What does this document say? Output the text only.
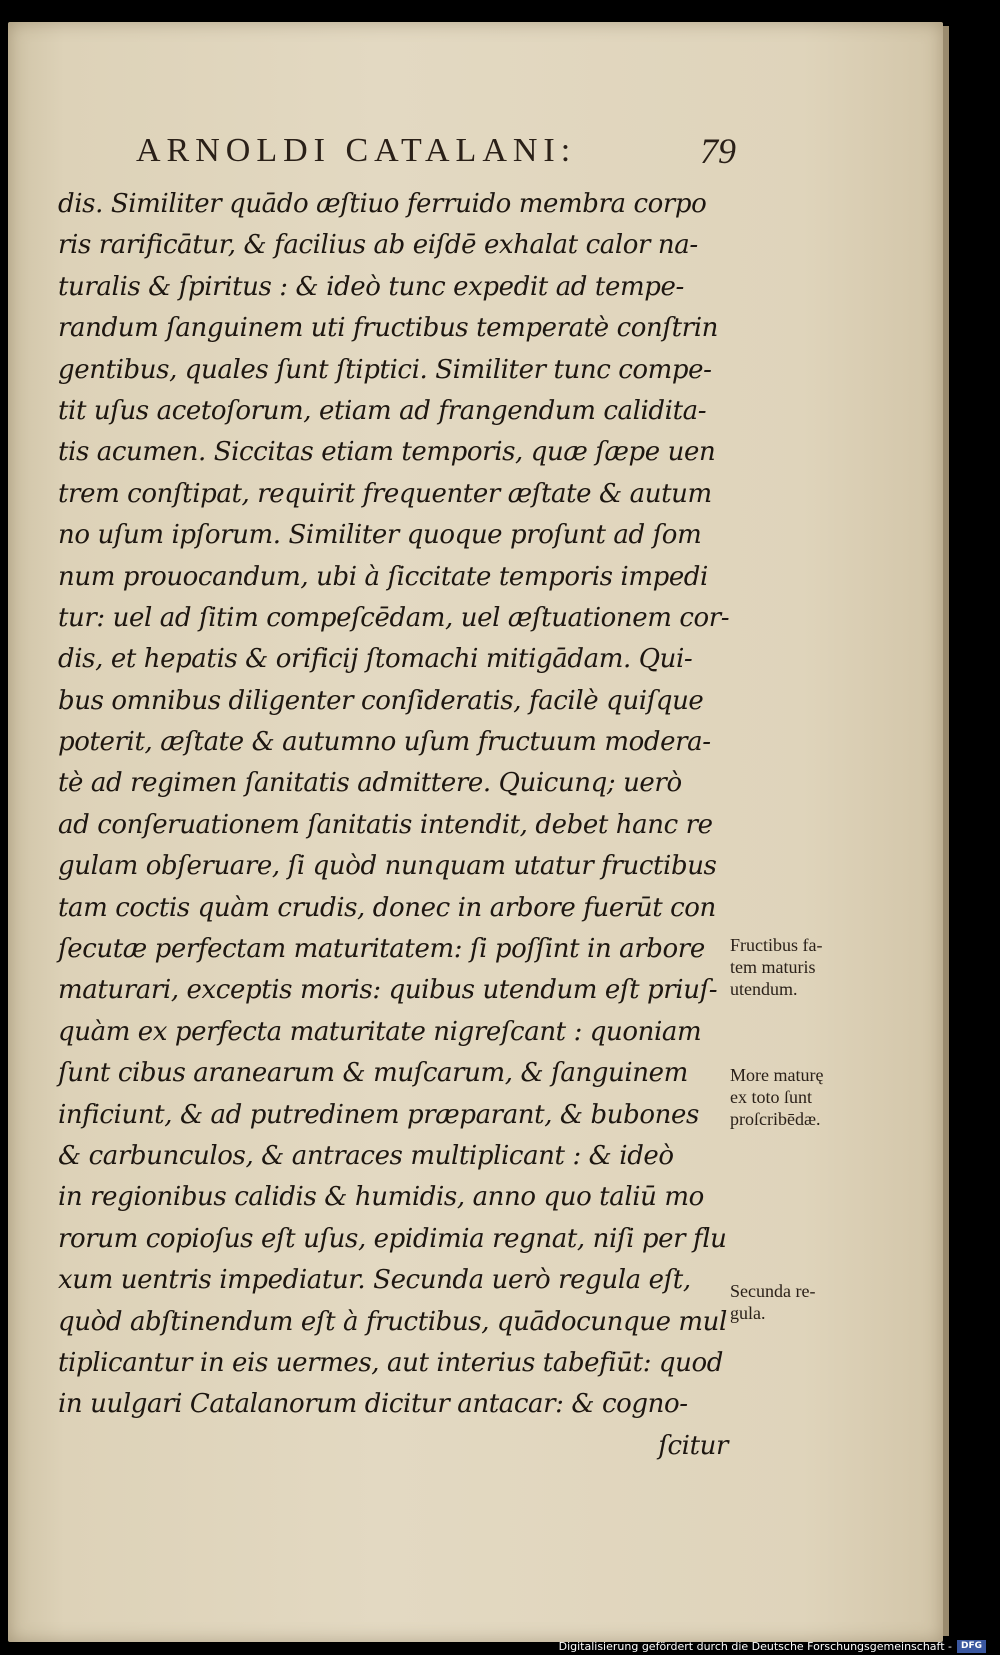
ARNOLDI CATALANI:	79
dis. Similiter quādo æſtiuo ferruido membra corpo
ris rarificātur, & facilius ab eiſdē exhalat calor na-
turalis & ſpiritus : & ideò tunc expedit ad tempe-
randum ſanguinem uti fructibus temperatè conſtrin
gentibus, quales ſunt ſtiptici. Similiter tunc compe-
tit uſus acetoſorum, etiam ad frangendum calidita-
tis acumen. Siccitas etiam temporis, quæ ſæpe uen
trem conſtipat, requirit frequenter æſtate & autum
no uſum ipſorum. Similiter quoque proſunt ad ſom
num prouocandum, ubi à ſiccitate temporis impedi
tur: uel ad ſitim compeſcēdam, uel æſtuationem cor-
dis, et hepatis & orificij ſtomachi mitigādam. Qui-
bus omnibus diligenter conſideratis, facilè quiſque
poterit, æſtate & autumno uſum fructuum modera-
tè ad regimen ſanitatis admittere. Quicunq; uerò
ad conſeruationem ſanitatis intendit, debet hanc re
gulam obſeruare, ſi quòd nunquam utatur fructibus
tam coctis quàm crudis, donec in arbore fuerūt con
ſecutæ perfectam maturitatem: ſi poſſint in arbore
maturari, exceptis moris: quibus utendum eſt priuſ-
quàm ex perfecta maturitate nigreſcant : quoniam
ſunt cibus aranearum & muſcarum, & ſanguinem
inficiunt, & ad putredinem præparant, & bubones
& carbunculos, & antraces multiplicant : & ideò
in regionibus calidis & humidis, anno quo taliū mo
rorum copioſus eſt uſus, epidimia regnat, niſi per flu
xum uentris impediatur. Secunda uerò regula eſt,
quòd abſtinendum eſt à fructibus, quādocunque mul
tiplicantur in eis uermes, aut interius tabefiūt: quod
in uulgari Catalanorum dicitur antacar: & cogno-
ſcitur
Fructibus fa-
tem maturis
utendum.
More maturę
ex toto ſunt
proſcribēdæ.
Secunda re-
gula.
Digitalisierung gefördert durch die Deutsche Forschungsgemeinschaft -	DFG
